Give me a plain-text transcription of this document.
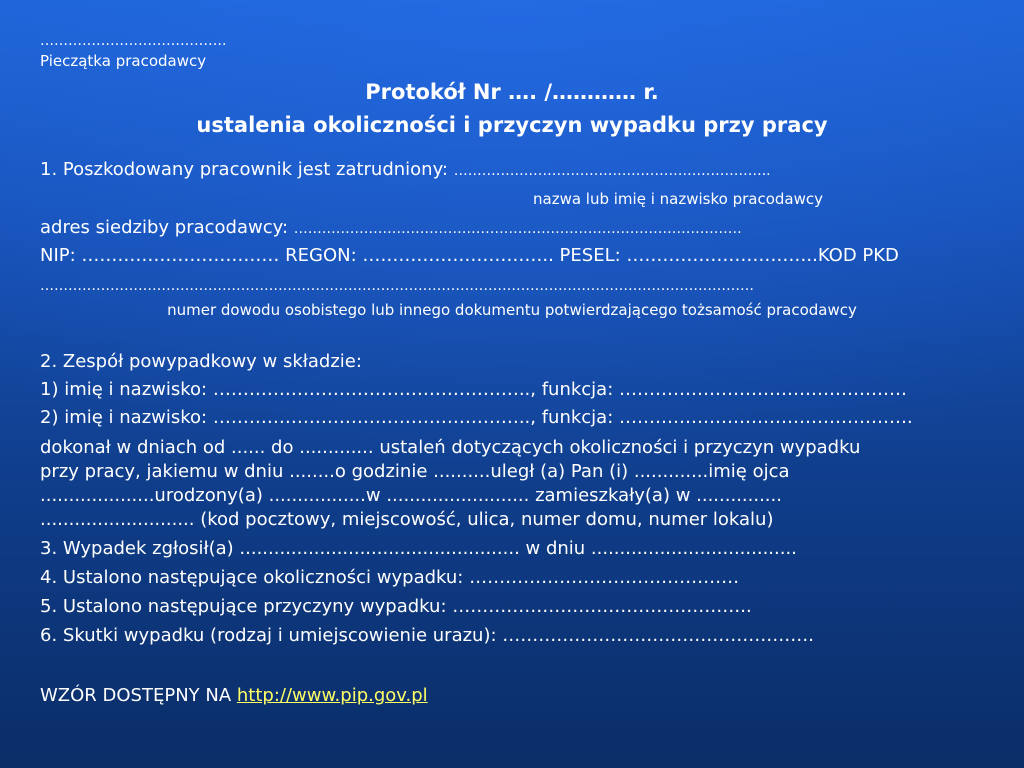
………………………………….
Pieczątka pracodawcy
Protokół Nr …. /………… r.
ustalenia okoliczności i przyczyn wypadku przy pracy
1. Poszkodowany pracownik jest zatrudniony: …………………………………………………………..
nazwa lub imię i nazwisko pracodawcy
adres siedziby pracodawcy: ……………………………………………………………………………………
NIP: …………………………… REGON: ………………………….. PESEL: …………………………..KOD PKD
………………………………………………………………………………………………………………………………………
numer dowodu osobistego lub innego dokumentu potwierdzającego tożsamość pracodawcy
2. Zespół powypadkowy w składzie:
1) imię i nazwisko: …………………………………………….., funkcja: …………………………………………
2) imię i nazwisko: …………………………………………….., funkcja: ………………………………………….
dokonał w dniach od ...... do ............. ustaleń dotyczących okoliczności i przyczyn wypadku
przy pracy, jakiemu w dniu ........o godzinie ..........uległ (a) Pan (i) .............imię ojca
....................urodzony(a) .................w ......................... zamieszkały(a) w ...............
........................... (kod pocztowy, miejscowość, ulica, numer domu, numer lokalu)
3. Wypadek zgłosił(a) ................................................. w dniu ....................................
4. Ustalono następujące okoliczności wypadku: ………………………………………
5. Ustalono następujące przyczyny wypadku: …………………………………………..
6. Skutki wypadku (rodzaj i umiejscowienie urazu): …………………………………………….
WZÓR DOSTĘPNY NA http://www.pip.gov.pl
